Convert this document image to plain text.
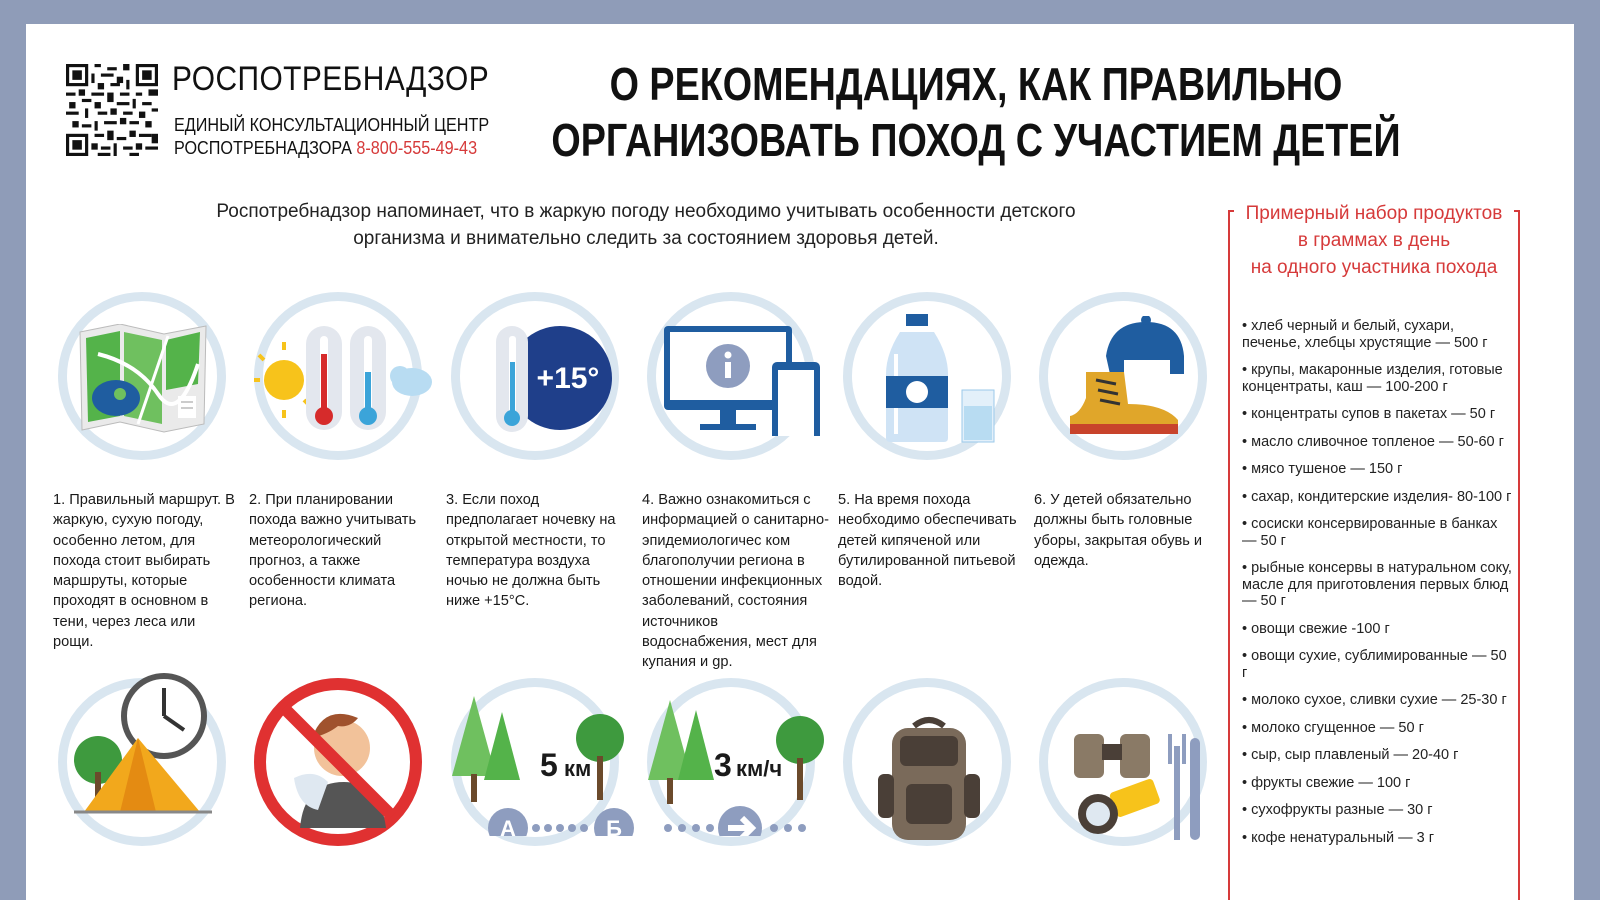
РОСПОТРЕБНАДЗОР
ЕДИНЫЙ КОНСУЛЬТАЦИОННЫЙ ЦЕНТР
РОСПОТРЕБНАДЗОРА 8-800-555-49-43
О РЕКОМЕНДАЦИЯХ, КАК ПРАВИЛЬНО
ОРГАНИЗОВАТЬ ПОХОД С УЧАСТИЕМ ДЕТЕЙ
Роспотребнадзор напоминает, что в жаркую погоду необходимо учитывать особенности детского
организма и внимательно следить за состоянием здоровья детей.
Примерный набор продуктов
в граммах в день
на одного участника похода
• хлеб черный и белый, сухари, печенье, хлебцы хрустящие — 500 г
• крупы, макаронные изделия, готовые концентраты, каш — 100-200 г
• концентраты супов в пакетах — 50 г
• масло сливочное топленое — 50-60 г
• мясо тушеное — 150 г
• сахар, кондитерские изделия- 80-100 г
• сосиски консервированные в банках — 50 г
• рыбные консервы в натуральном соку, масле для приготовления первых блюд — 50 г
• овощи свежие -100 г
• овощи сухие, сублимированные — 50 г
• молоко сухое, сливки сухие — 25-30 г
• молоко сгущенное — 50 г
• сыр, сыр плавленый — 20-40 г
• фрукты свежие — 100 г
• сухофрукты разные — 30 г
• кофе ненатуральный — 3 г
+15°
1. Правильный маршрут. В жаркую, сухую погоду, особенно летом, для похода стоит выбирать маршруты, которые проходят в основном в тени, через леса или рощи.
2. При планировании похода важно учитывать метеорологический прогноз, а также особенности климата региона.
3. Если поход предполагает ночевку на открытой местности, то температура воздуха ночью не должна быть ниже +15°С.
4. Важно ознакомиться с информацией о санитарно-эпидемиологичес ком благополучии региона в отношении инфекционных заболеваний, состояния источников водоснабжения, мест для купания и gр.
5. На время похода необходимо обеспечивать детей кипяченой или бутилированной питьевой водой.
6. У детей обязательно должны быть головные уборы, закрытая обувь и одежда.
5 км
А	Б
3 км/ч
